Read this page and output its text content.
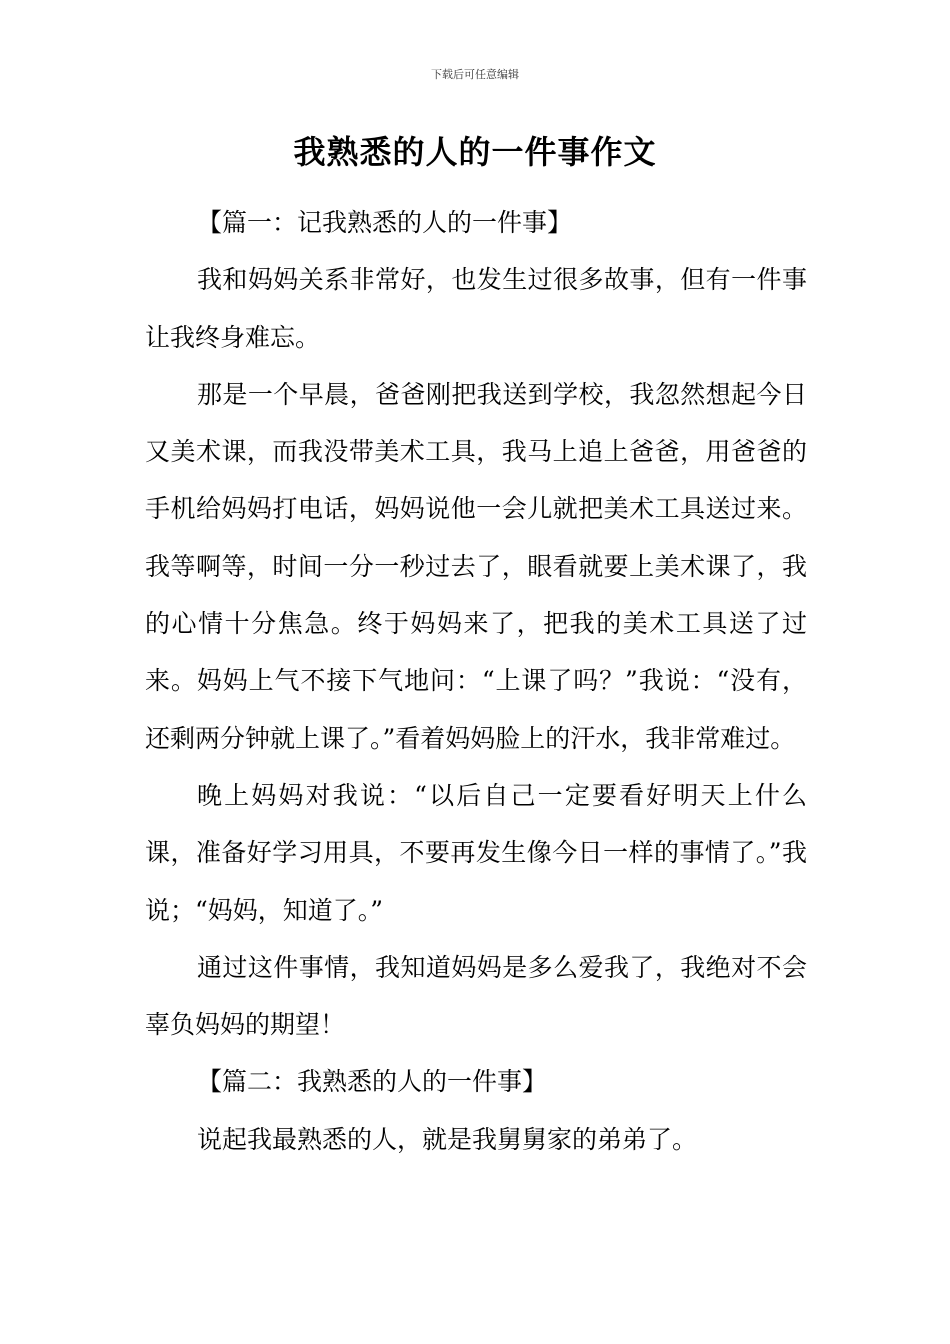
下载后可任意编辑
我熟悉的人的一件事作文

【篇一：记我熟悉的人的一件事】

我和妈妈关系非常好，也发生过很多故事，但有一件事让我终身难忘。

那是一个早晨，爸爸刚把我送到学校，我忽然想起今日又美术课，而我没带美术工具，我马上追上爸爸，用爸爸的手机给妈妈打电话，妈妈说他一会儿就把美术工具送过来。我等啊等，时间一分一秒过去了，眼看就要上美术课了，我的心情十分焦急。终于妈妈来了，把我的美术工具送了过来。妈妈上气不接下气地问：“上课了吗？”我说：“没有，还剩两分钟就上课了。”看着妈妈脸上的汗水，我非常难过。

晚上妈妈对我说：“以后自己一定要看好明天上什么课，准备好学习用具，不要再发生像今日一样的事情了。”我说；“妈妈，知道了。”

通过这件事情，我知道妈妈是多么爱我了，我绝对不会辜负妈妈的期望！

【篇二：我熟悉的人的一件事】

说起我最熟悉的人，就是我舅舅家的弟弟了。
